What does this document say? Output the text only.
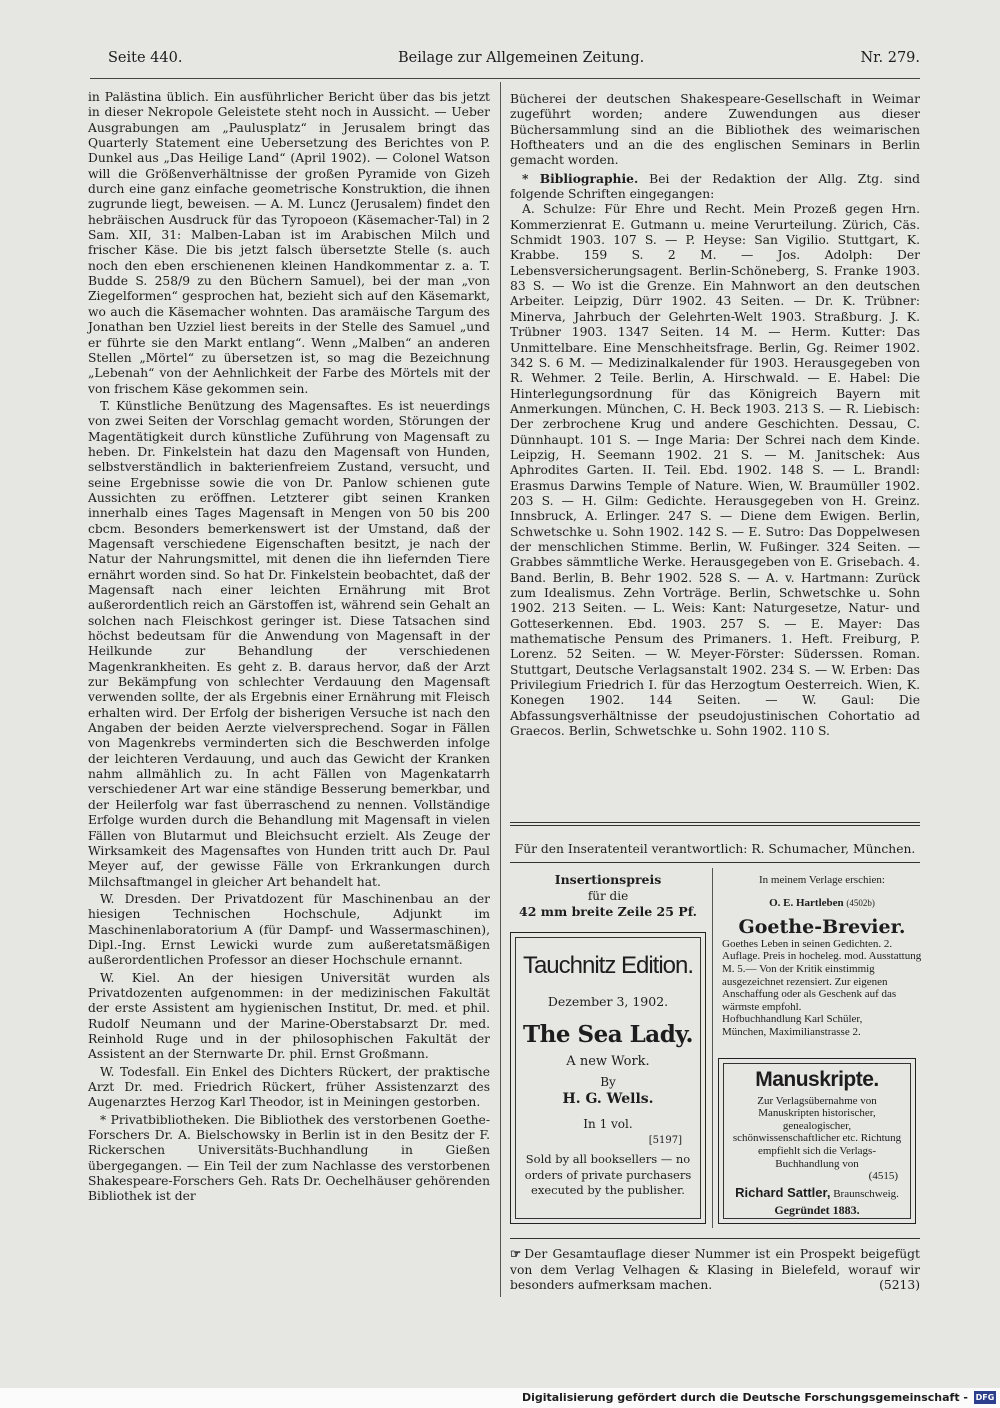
Seite 440.	Beilage zur Allgemeinen Zeitung.	Nr. 279.

in Palästina üblich. Ein ausführlicher Bericht über das bis jetzt in dieser Nekropole Geleistete steht noch in Aussicht. — Ueber Ausgrabungen am „Paulusplatz“ in Jerusalem bringt das Quarterly Statement eine Uebersetzung des Berichtes von P. Dunkel aus „Das Heilige Land“ (April 1902). — Colonel Watson will die Größenverhältnisse der großen Pyramide von Gizeh durch eine ganz einfache geometrische Konstruktion, die ihnen zugrunde liegt, beweisen. — A. M. Luncz (Jerusalem) findet den hebräischen Ausdruck für das Tyropoeon (Käsemacher-Tal) in 2 Sam. XII, 31: Malben-Laban ist im Arabischen Milch und frischer Käse. Die bis jetzt falsch übersetzte Stelle (s. auch noch den eben erschienenen kleinen Handkommentar z. a. T. Budde S. 258/9 zu den Büchern Samuel), bei der man „von Ziegelformen“ gesprochen hat, bezieht sich auf den Käsemarkt, wo auch die Käsemacher wohnten. Das aramäische Targum des Jonathan ben Uzziel liest bereits in der Stelle des Samuel „und er führte sie den Markt entlang“. Wenn „Malben“ an anderen Stellen „Mörtel“ zu übersetzen ist, so mag die Bezeichnung „Lebenah“ von der Aehnlichkeit der Farbe des Mörtels mit der von frischem Käse gekommen sein.

T. Künstliche Benützung des Magensaftes. Es ist neuerdings von zwei Seiten der Vorschlag gemacht worden, Störungen der Magentätigkeit durch künstliche Zuführung von Magensaft zu heben. Dr. Finkelstein hat dazu den Magensaft von Hunden, selbstverständlich in bakterienfreiem Zustand, versucht, und seine Ergebnisse sowie die von Dr. Panlow schienen gute Aussichten zu eröffnen. Letzterer gibt seinen Kranken innerhalb eines Tages Magensaft in Mengen von 50 bis 200 cbcm. Besonders bemerkenswert ist der Umstand, daß der Magensaft verschiedene Eigenschaften besitzt, je nach der Natur der Nahrungsmittel, mit denen die ihn liefernden Tiere ernährt worden sind. So hat Dr. Finkelstein beobachtet, daß der Magensaft nach einer leichten Ernährung mit Brot außerordentlich reich an Gärstoffen ist, während sein Gehalt an solchen nach Fleischkost geringer ist. Diese Tatsachen sind höchst bedeutsam für die Anwendung von Magensaft in der Heilkunde zur Behandlung der verschiedenen Magenkrankheiten. Es geht z. B. daraus hervor, daß der Arzt zur Bekämpfung von schlechter Verdauung den Magensaft verwenden sollte, der als Ergebnis einer Ernährung mit Fleisch erhalten wird. Der Erfolg der bisherigen Versuche ist nach den Angaben der beiden Aerzte vielversprechend. Sogar in Fällen von Magenkrebs verminderten sich die Beschwerden infolge der leichteren Verdauung, und auch das Gewicht der Kranken nahm allmählich zu. In acht Fällen von Magenkatarrh verschiedener Art war eine ständige Besserung bemerkbar, und der Heilerfolg war fast überraschend zu nennen. Vollständige Erfolge wurden durch die Behandlung mit Magensaft in vielen Fällen von Blutarmut und Bleichsucht erzielt. Als Zeuge der Wirksamkeit des Magensaftes von Hunden tritt auch Dr. Paul Meyer auf, der gewisse Fälle von Erkrankungen durch Milchsaftmangel in gleicher Art behandelt hat.

W. Dresden. Der Privatdozent für Maschinenbau an der hiesigen Technischen Hochschule, Adjunkt im Maschinenlaboratorium A (für Dampf- und Wassermaschinen), Dipl.-Ing. Ernst Lewicki wurde zum außeretatsmäßigen außerordentlichen Professor an dieser Hochschule ernannt.

W. Kiel. An der hiesigen Universität wurden als Privatdozenten aufgenommen: in der medizinischen Fakultät der erste Assistent am hygienischen Institut, Dr. med. et phil. Rudolf Neumann und der Marine-Oberstabsarzt Dr. med. Reinhold Ruge und in der philosophischen Fakultät der Assistent an der Sternwarte Dr. phil. Ernst Großmann.

W. Todesfall. Ein Enkel des Dichters Rückert, der praktische Arzt Dr. med. Friedrich Rückert, früher Assistenzarzt des Augenarztes Herzog Karl Theodor, ist in Meiningen gestorben.

* Privatbibliotheken. Die Bibliothek des verstorbenen Goethe-Forschers Dr. A. Bielschowsky in Berlin ist in den Besitz der F. Rickerschen Universitäts-Buchhandlung in Gießen übergegangen. — Ein Teil der zum Nachlasse des verstorbenen Shakespeare-Forschers Geh. Rats Dr. Oechelhäuser gehörenden Bibliothek ist der

Bücherei der deutschen Shakespeare-Gesellschaft in Weimar zugeführt worden; andere Zuwendungen aus dieser Büchersammlung sind an die Bibliothek des weimarischen Hoftheaters und an die des englischen Seminars in Berlin gemacht worden.

* Bibliographie. Bei der Redaktion der Allg. Ztg. sind folgende Schriften eingegangen:

A. Schulze: Für Ehre und Recht. Mein Prozeß gegen Hrn. Kommerzienrat E. Gutmann u. meine Verurteilung. Zürich, Cäs. Schmidt 1903. 107 S. — P. Heyse: San Vigilio. Stuttgart, K. Krabbe. 159 S. 2 M. — Jos. Adolph: Der Lebensversicherungsagent. Berlin-Schöneberg, S. Franke 1903. 83 S. — Wo ist die Grenze. Ein Mahnwort an den deutschen Arbeiter. Leipzig, Dürr 1902. 43 Seiten. — Dr. K. Trübner: Minerva, Jahrbuch der Gelehrten-Welt 1903. Straßburg. J. K. Trübner 1903. 1347 Seiten. 14 M. — Herm. Kutter: Das Unmittelbare. Eine Menschheitsfrage. Berlin, Gg. Reimer 1902. 342 S. 6 M. — Medizinalkalender für 1903. Herausgegeben von R. Wehmer. 2 Teile. Berlin, A. Hirschwald. — E. Habel: Die Hinterlegungsordnung für das Königreich Bayern mit Anmerkungen. München, C. H. Beck 1903. 213 S. — R. Liebisch: Der zerbrochene Krug und andere Geschichten. Dessau, C. Dünnhaupt. 101 S. — Inge Maria: Der Schrei nach dem Kinde. Leipzig, H. Seemann 1902. 21 S. — M. Janitschek: Aus Aphrodites Garten. II. Teil. Ebd. 1902. 148 S. — L. Brandl: Erasmus Darwins Temple of Nature. Wien, W. Braumüller 1902. 203 S. — H. Gilm: Gedichte. Herausgegeben von H. Greinz. Innsbruck, A. Erlinger. 247 S. — Diene dem Ewigen. Berlin, Schwetschke u. Sohn 1902. 142 S. — E. Sutro: Das Doppelwesen der menschlichen Stimme. Berlin, W. Fußinger. 324 Seiten. — Grabbes sämmtliche Werke. Herausgegeben von E. Grisebach. 4. Band. Berlin, B. Behr 1902. 528 S. — A. v. Hartmann: Zurück zum Idealismus. Zehn Vorträge. Berlin, Schwetschke u. Sohn 1902. 213 Seiten. — L. Weis: Kant: Naturgesetze, Natur- und Gotteserkennen. Ebd. 1903. 257 S. — E. Mayer: Das mathematische Pensum des Primaners. 1. Heft. Freiburg, P. Lorenz. 52 Seiten. — W. Meyer-Förster: Süderssen. Roman. Stuttgart, Deutsche Verlagsanstalt 1902. 234 S. — W. Erben: Das Privilegium Friedrich I. für das Herzogtum Oesterreich. Wien, K. Konegen 1902. 144 Seiten. — W. Gaul: Die Abfassungsverhältnisse der pseudojustinischen Cohortatio ad Graecos. Berlin, Schwetschke u. Sohn 1902. 110 S.

Für den Inseratenteil verantwortlich: R. Schumacher, München.
Insertionspreis
für die
42 mm breite Zeile 25 Pf.
Tauchnitz Edition.
Dezember 3, 1902.
The Sea Lady.
A new Work.
By
H. G. Wells.
In 1 vol.
[5197]
Sold by all booksellers — no orders of private purchasers executed by the publisher.
In meinem Verlage erschien:
O. E. Hartleben (4502b)
Goethe-Brevier.
Goethes Leben in seinen Gedichten. 2. Auflage. Preis in hocheleg. mod. Ausstattung M. 5.— Von der Kritik einstimmig ausgezeichnet rezensiert. Zur eigenen Anschaffung oder als Geschenk auf das wärmste empfohl.
Hofbuchhandlung Karl Schüler,
München, Maximilianstrasse 2.
Manuskripte.
Zur Verlagsübernahme von Manuskripten historischer, genealogischer, schönwissenschaftlicher etc. Richtung empfiehlt sich die Verlags-Buchhandlung von
(4515)
Richard Sattler, Braunschweig.
Gegründet 1883.
☞ Der Gesamtauflage dieser Nummer ist ein Prospekt beigefügt von dem Verlag Velhagen & Klasing in Bielefeld, worauf wir besonders aufmerksam machen.	(5213)
Digitalisierung gefördert durch die Deutsche Forschungsgemeinschaft - DFG
